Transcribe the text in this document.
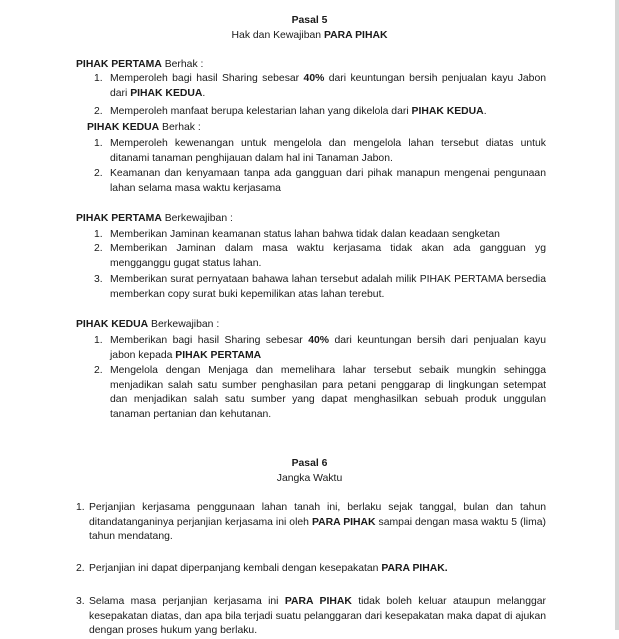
Pasal 5
Hak dan Kewajiban PARA PIHAK
PIHAK PERTAMA Berhak :
1. Memperoleh bagi hasil Sharing sebesar 40% dari keuntungan bersih penjualan kayu Jabon dari PIHAK KEDUA.
2. Memperoleh manfaat berupa kelestarian lahan yang dikelola dari PIHAK KEDUA.
PIHAK KEDUA Berhak :
1. Memperoleh kewenangan untuk mengelola dan mengelola lahan tersebut diatas untuk ditanami tanaman penghijauan dalam hal ini Tanaman Jabon.
2. Keamanan dan kenyamaan tanpa ada gangguan dari pihak manapun mengenai pengunaan lahan selama masa waktu kerjasama
PIHAK PERTAMA Berkewajiban :
1. Memberikan Jaminan keamanan status lahan bahwa tidak dalan keadaan sengketan
2. Memberikan Jaminan dalam masa waktu kerjasama tidak akan ada gangguan yg mengganggu gugat status lahan.
3. Memberikan surat pernyataan bahawa lahan tersebut adalah milik PIHAK PERTAMA bersedia memberkan copy surat buki kepemilikan atas lahan terebut.
PIHAK KEDUA Berkewajiban :
1. Memberikan bagi hasil Sharing sebesar 40% dari keuntungan bersih dari penjualan kayu jabon kepada PIHAK PERTAMA
2. Mengelola dengan Menjaga dan memelihara lahar tersebut sebaik mungkin sehingga menjadikan salah satu sumber penghasilan para petani penggarap di lingkungan setempat dan menjadikan salah satu sumber yang dapat menghasilkan sebuah produk unggulan tanaman pertanian dan kehutanan.
Pasal 6
Jangka Waktu
1. Perjanjian kerjasama penggunaan lahan tanah ini, berlaku sejak tanggal, bulan dan tahun ditandatanganinya perjanjian kerjasama ini oleh PARA PIHAK sampai dengan masa waktu 5 (lima) tahun mendatang.
2. Perjanjian ini dapat diperpanjang kembali dengan kesepakatan PARA PIHAK.
3. Selama masa perjanjian kerjasama ini PARA PIHAK tidak boleh keluar ataupun melanggar kesepakatan diatas, dan apa bila terjadi suatu pelanggaran dari kesepakatan maka dapat di ajukan dengan proses hukum yang berlaku.
